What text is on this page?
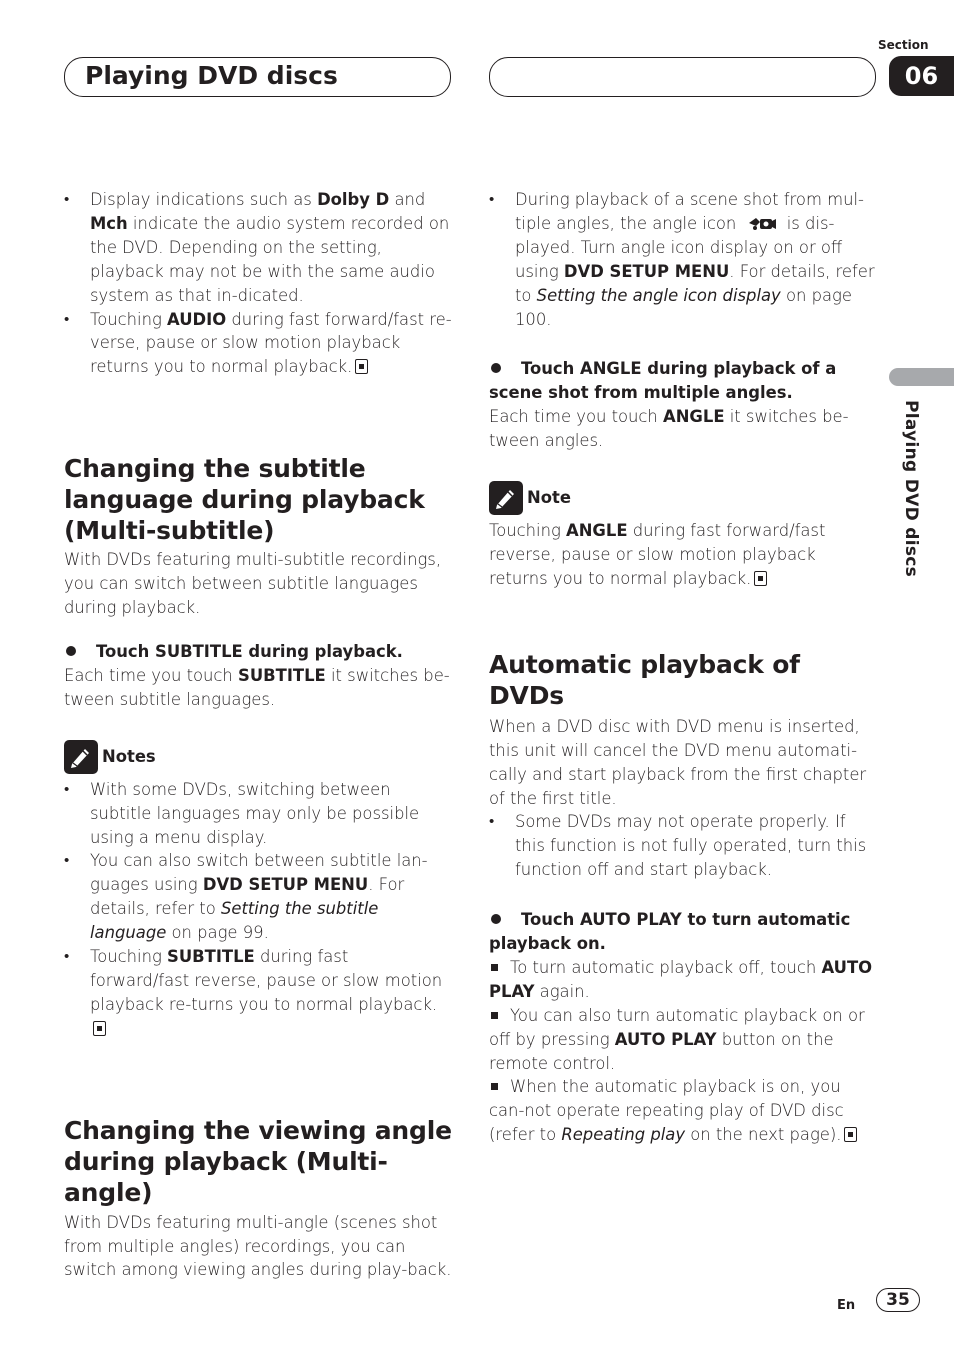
Playing DVD discs
Section
06
Playing DVD discs
• Display indications such as Dolby D and Mch indicate the audio system recorded on the DVD. Depending on the setting, playback may not be with the same audio system as that in-dicated.
• Touching AUDIO during fast forward/fast re-verse, pause or slow motion playback returns you to normal playback.
Changing the subtitle language during playback (Multi-subtitle)

With DVDs featuring multi-subtitle recordings, you can switch between subtitle languages during playback.

Touch SUBTITLE during playback.

Each time you touch SUBTITLE it switches be-tween subtitle languages.

Notes
• With some DVDs, switching between subtitle languages may only be possible using a menu display.
• You can also switch between subtitle lan-guages using DVD SETUP MENU. For details, refer to Setting the subtitle language on page 99.
• Touching SUBTITLE during fast forward/fast reverse, pause or slow motion playback re-turns you to normal playback.
Changing the viewing angle during playback (Multi-angle)

With DVDs featuring multi-angle (scenes shot from multiple angles) recordings, you can switch among viewing angles during play-back.

• During playback of a scene shot from mul-tiple angles, the angle icon  is dis-played. Turn angle icon display on or off using DVD SETUP MENU. For details, refer to Setting the angle icon display on page 100.

Touch ANGLE during playback of a scene shot from multiple angles.

Each time you touch ANGLE it switches be-tween angles.

Note

Touching ANGLE during fast forward/fast reverse, pause or slow motion playback returns you to normal playback.

Automatic playback of DVDs

When a DVD disc with DVD menu is inserted, this unit will cancel the DVD menu automati-cally and start playback from the first chapter of the first title.

• Some DVDs may not operate properly. If this function is not fully operated, turn this function off and start playback.

Touch AUTO PLAY to turn automatic playback on.

To turn automatic playback off, touch AUTO PLAY again.

You can also turn automatic playback on or off by pressing AUTO PLAY button on the remote control.

When the automatic playback is on, you can-not operate repeating play of DVD disc (refer to Repeating play on the next page).

En	35
